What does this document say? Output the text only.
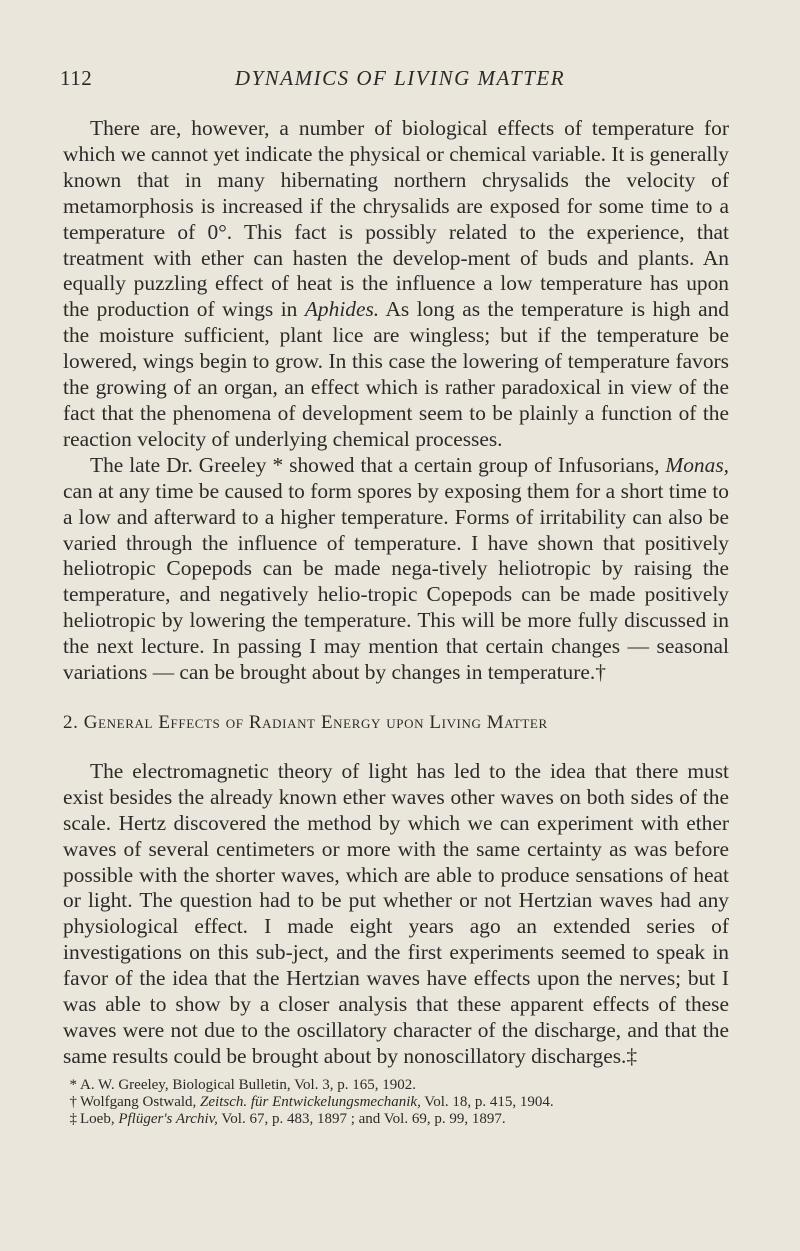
112	DYNAMICS OF LIVING MATTER

There are, however, a number of biological effects of temperature for which we cannot yet indicate the physical or chemical variable. It is generally known that in many hibernating northern chrysalids the velocity of metamorphosis is increased if the chrysalids are exposed for some time to a temperature of 0°. This fact is possibly related to the experience, that treatment with ether can hasten the develop-ment of buds and plants. An equally puzzling effect of heat is the influence a low temperature has upon the production of wings in Aphides. As long as the temperature is high and the moisture sufficient, plant lice are wingless; but if the temperature be lowered, wings begin to grow. In this case the lowering of temperature favors the growing of an organ, an effect which is rather paradoxical in view of the fact that the phenomena of development seem to be plainly a function of the reaction velocity of underlying chemical processes.

The late Dr. Greeley * showed that a certain group of Infusorians, Monas, can at any time be caused to form spores by exposing them for a short time to a low and afterward to a higher temperature. Forms of irritability can also be varied through the influence of temperature. I have shown that positively heliotropic Copepods can be made nega-tively heliotropic by raising the temperature, and negatively helio-tropic Copepods can be made positively heliotropic by lowering the temperature. This will be more fully discussed in the next lecture. In passing I may mention that certain changes — seasonal variations — can be brought about by changes in temperature.†

2. General Effects of Radiant Energy upon Living Matter

The electromagnetic theory of light has led to the idea that there must exist besides the already known ether waves other waves on both sides of the scale. Hertz discovered the method by which we can experiment with ether waves of several centimeters or more with the same certainty as was before possible with the shorter waves, which are able to produce sensations of heat or light. The question had to be put whether or not Hertzian waves had any physiological effect. I made eight years ago an extended series of investigations on this sub-ject, and the first experiments seemed to speak in favor of the idea that the Hertzian waves have effects upon the nerves; but I was able to show by a closer analysis that these apparent effects of these waves were not due to the oscillatory character of the discharge, and that the same results could be brought about by nonoscillatory discharges.‡

* A. W. Greeley, Biological Bulletin, Vol. 3, p. 165, 1902.

† Wolfgang Ostwald, Zeitsch. für Entwickelungsmechanik, Vol. 18, p. 415, 1904.

‡ Loeb, Pflüger's Archiv, Vol. 67, p. 483, 1897 ; and Vol. 69, p. 99, 1897.
